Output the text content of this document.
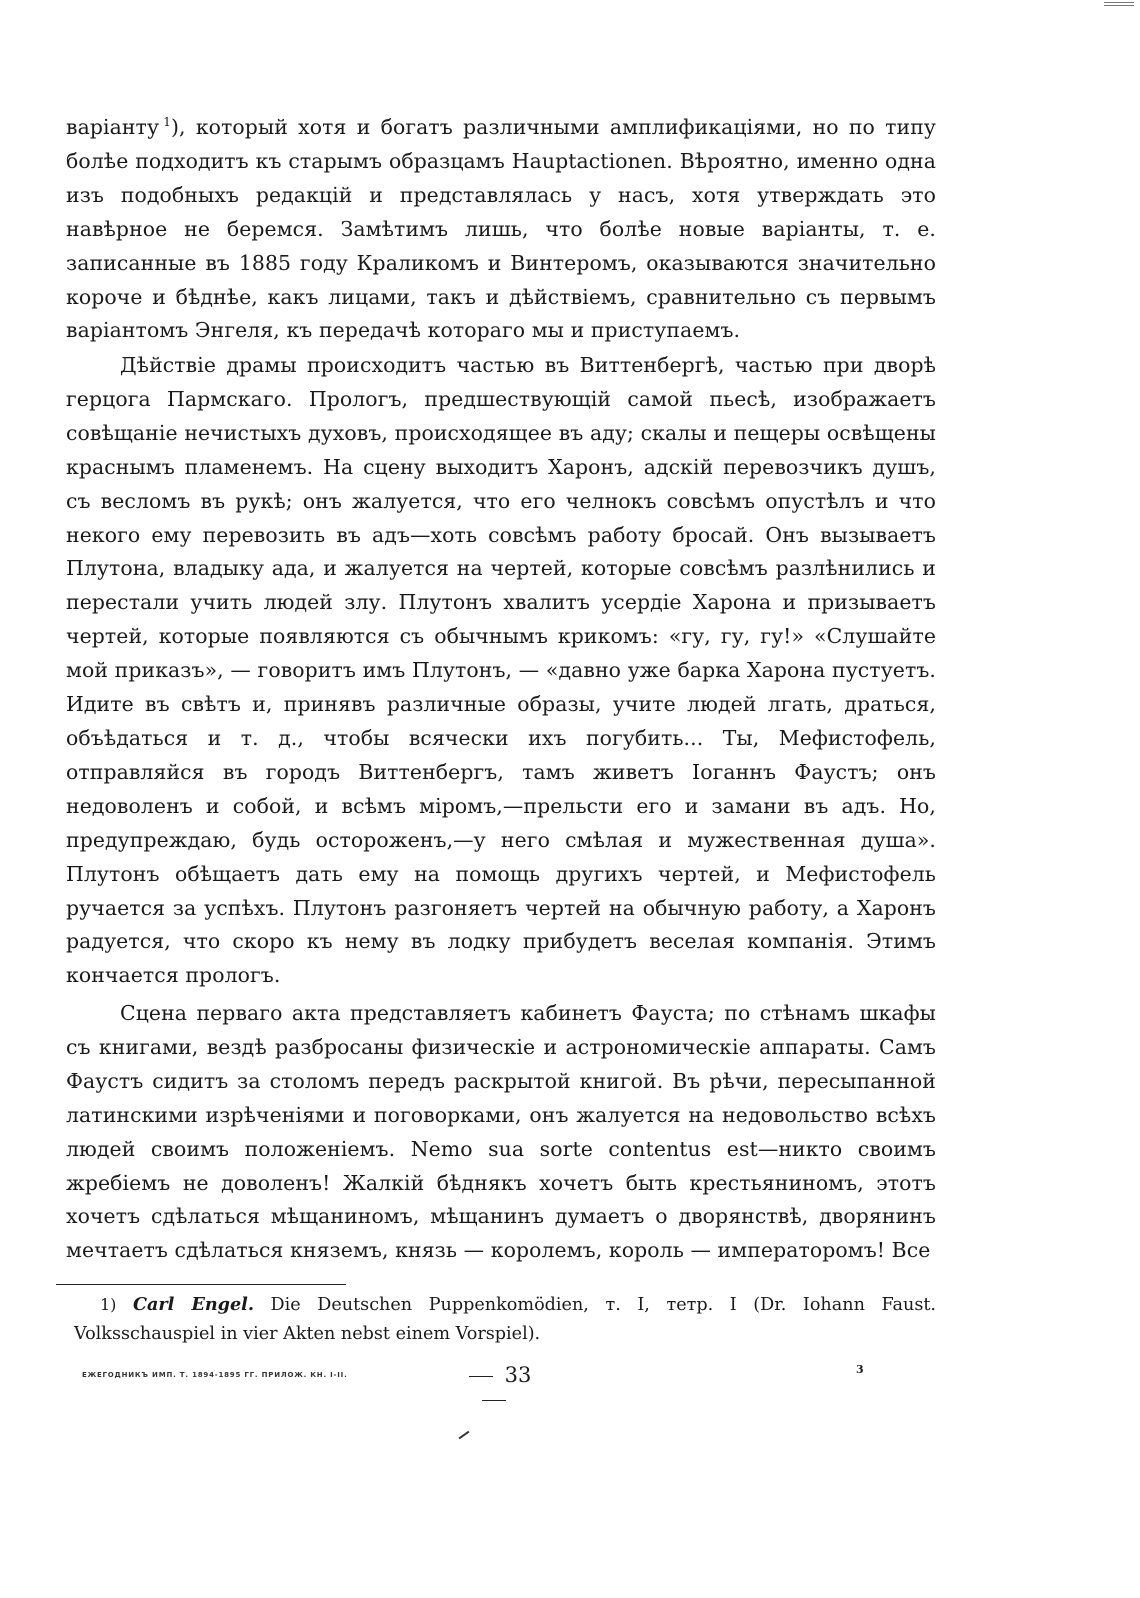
варіанту  $^1$), который хотя и богатъ различными амплификаціями, но по типу болѣе подходитъ къ старымъ образцамъ Hauptactionen. Вѣроятно, именно одна изъ подобныхъ редакцій и представлялась у насъ, хотя утверждать это навѣрное не беремся. Замѣтимъ лишь, что болѣе новые варіанты, т. е. записанные въ 1885 году Краликомъ и Винтеромъ, оказываются значительно короче и бѣднѣе, какъ лицами, такъ и дѣйствіемъ, сравнительно съ первымъ варіантомъ Энгеля, къ передачѣ котораго мы и приступаемъ.

Дѣйствіе драмы происходитъ частью въ Виттенбергѣ, частью при дворѣ герцога Пармскаго. Прологъ, предшествующій самой пьесѣ, изображаетъ совѣщаніе нечистыхъ духовъ, происходящее въ аду; скалы и пещеры освѣщены краснымъ пламенемъ. На сцену выходитъ Харонъ, адскій перевозчикъ душъ, съ весломъ въ рукѣ; онъ жалуется, что его челнокъ совсѣмъ опустѣлъ и что некого ему перевозить въ адъ—хоть совсѣмъ работу бросай. Онъ вызываетъ Плутона, владыку ада, и жалуется на чертей, которые совсѣмъ разлѣнились и перестали учить людей злу. Плутонъ хвалитъ усердіе Харона и призываетъ чертей, которые появляются съ обычнымъ крикомъ: «гу, гу, гу!» «Слушайте мой приказъ», — говоритъ имъ Плутонъ, — «давно уже барка Харона пустуетъ. Идите въ свѣтъ и, принявъ различные образы, учите людей лгать, драться, объѣдаться и т. д., чтобы всячески ихъ погубить... Ты, Мефистофель, отправляйся въ городъ Виттенбергъ, тамъ живетъ Іоганнъ Фаустъ; онъ недоволенъ и собой, и всѣмъ міромъ,—прельсти его и замани въ адъ. Но, предупреждаю, будь остороженъ,—у него смѣлая и мужественная душа». Плутонъ обѣщаетъ дать ему на помощь другихъ чертей, и Мефистофель ручается за успѣхъ. Плутонъ разгоняетъ чертей на обычную работу, а Харонъ радуется, что скоро къ нему въ лодку прибудетъ веселая компанія. Этимъ кончается прологъ.

Сцена перваго акта представляетъ кабинетъ Фауста; по стѣнамъ шкафы съ книгами, вездѣ разбросаны физическіе и астрономическіе аппараты. Самъ Фаустъ сидитъ за столомъ передъ раскрытой книгой. Въ рѣчи, пересыпанной латинскими изрѣченіями и поговорками, онъ жалуется на недовольство всѣхъ людей своимъ положеніемъ. Nemo sua sorte contentus est—никто своимъ жребіемъ не доволенъ! Жалкій бѣднякъ хочетъ быть крестьяниномъ, этотъ хочетъ сдѣлаться мѣщаниномъ, мѣщанинъ думаетъ о дворянствѣ, дворянинъ мечтаетъ сдѣлаться княземъ, князь — королемъ, король — императоромъ! Все

1) Carl Engel. Die Deutschen Puppenkomödien, т. I, тетр. I (Dr. Iohann Faust. Volksschauspiel in vier Akten nebst einem Vorspiel).
ЕЖЕГОДНИКЪ ИМП. Т. 1894-1895 ГГ. ПРИЛОЖ. КН. I-II.	33	3
